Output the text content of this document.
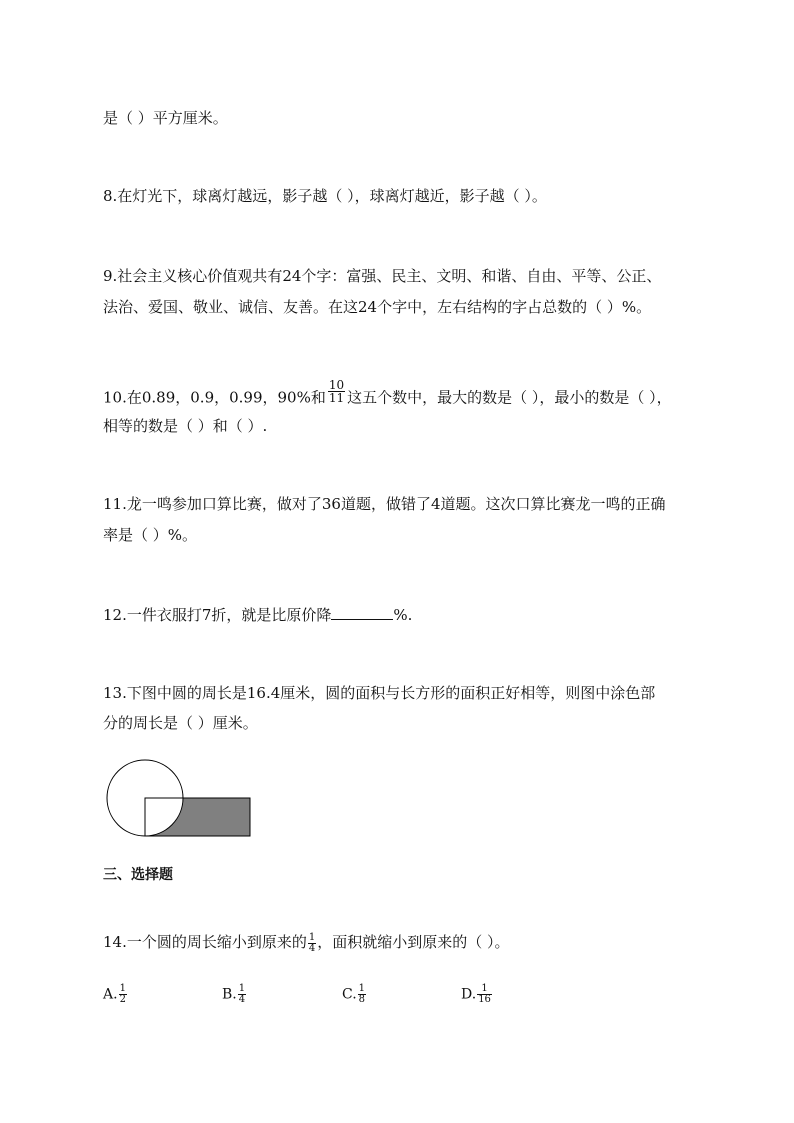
是（ ）平方厘米。
8.在灯光下，球离灯越远，影子越（ ），球离灯越近，影子越（ ）。
9.社会主义核心价值观共有24个字：富强、民主、文明、和谐、自由、平等、公正、
法治、爱国、敬业、诚信、友善。在这24个字中，左右结构的字占总数的（ ）%。
10.在0.89，0.9，0.99，90%和 $\frac{10}{11}$ 这五个数中，最大的数是（ ），最小的数是（ ），
相等的数是（ ）和（ ）.
11.龙一鸣参加口算比赛，做对了36道题，做错了4道题。这次口算比赛龙一鸣的正确
率是（ ）%。
12.一件衣服打7折，就是比原价降	%.
13.下图中圆的周长是16.4厘米，圆的面积与长方形的面积正好相等，则图中涂色部
分的周长是（ ）厘米。
三、选择题
14.一个圆的周长缩小到原来的 $\frac{1}{4}$ ，面积就缩小到原来的（ ）。
A. $\frac{1}{2}$	B. $\frac{1}{4}$	C. $\frac{1}{8}$	D. $\frac{1}{16}$
